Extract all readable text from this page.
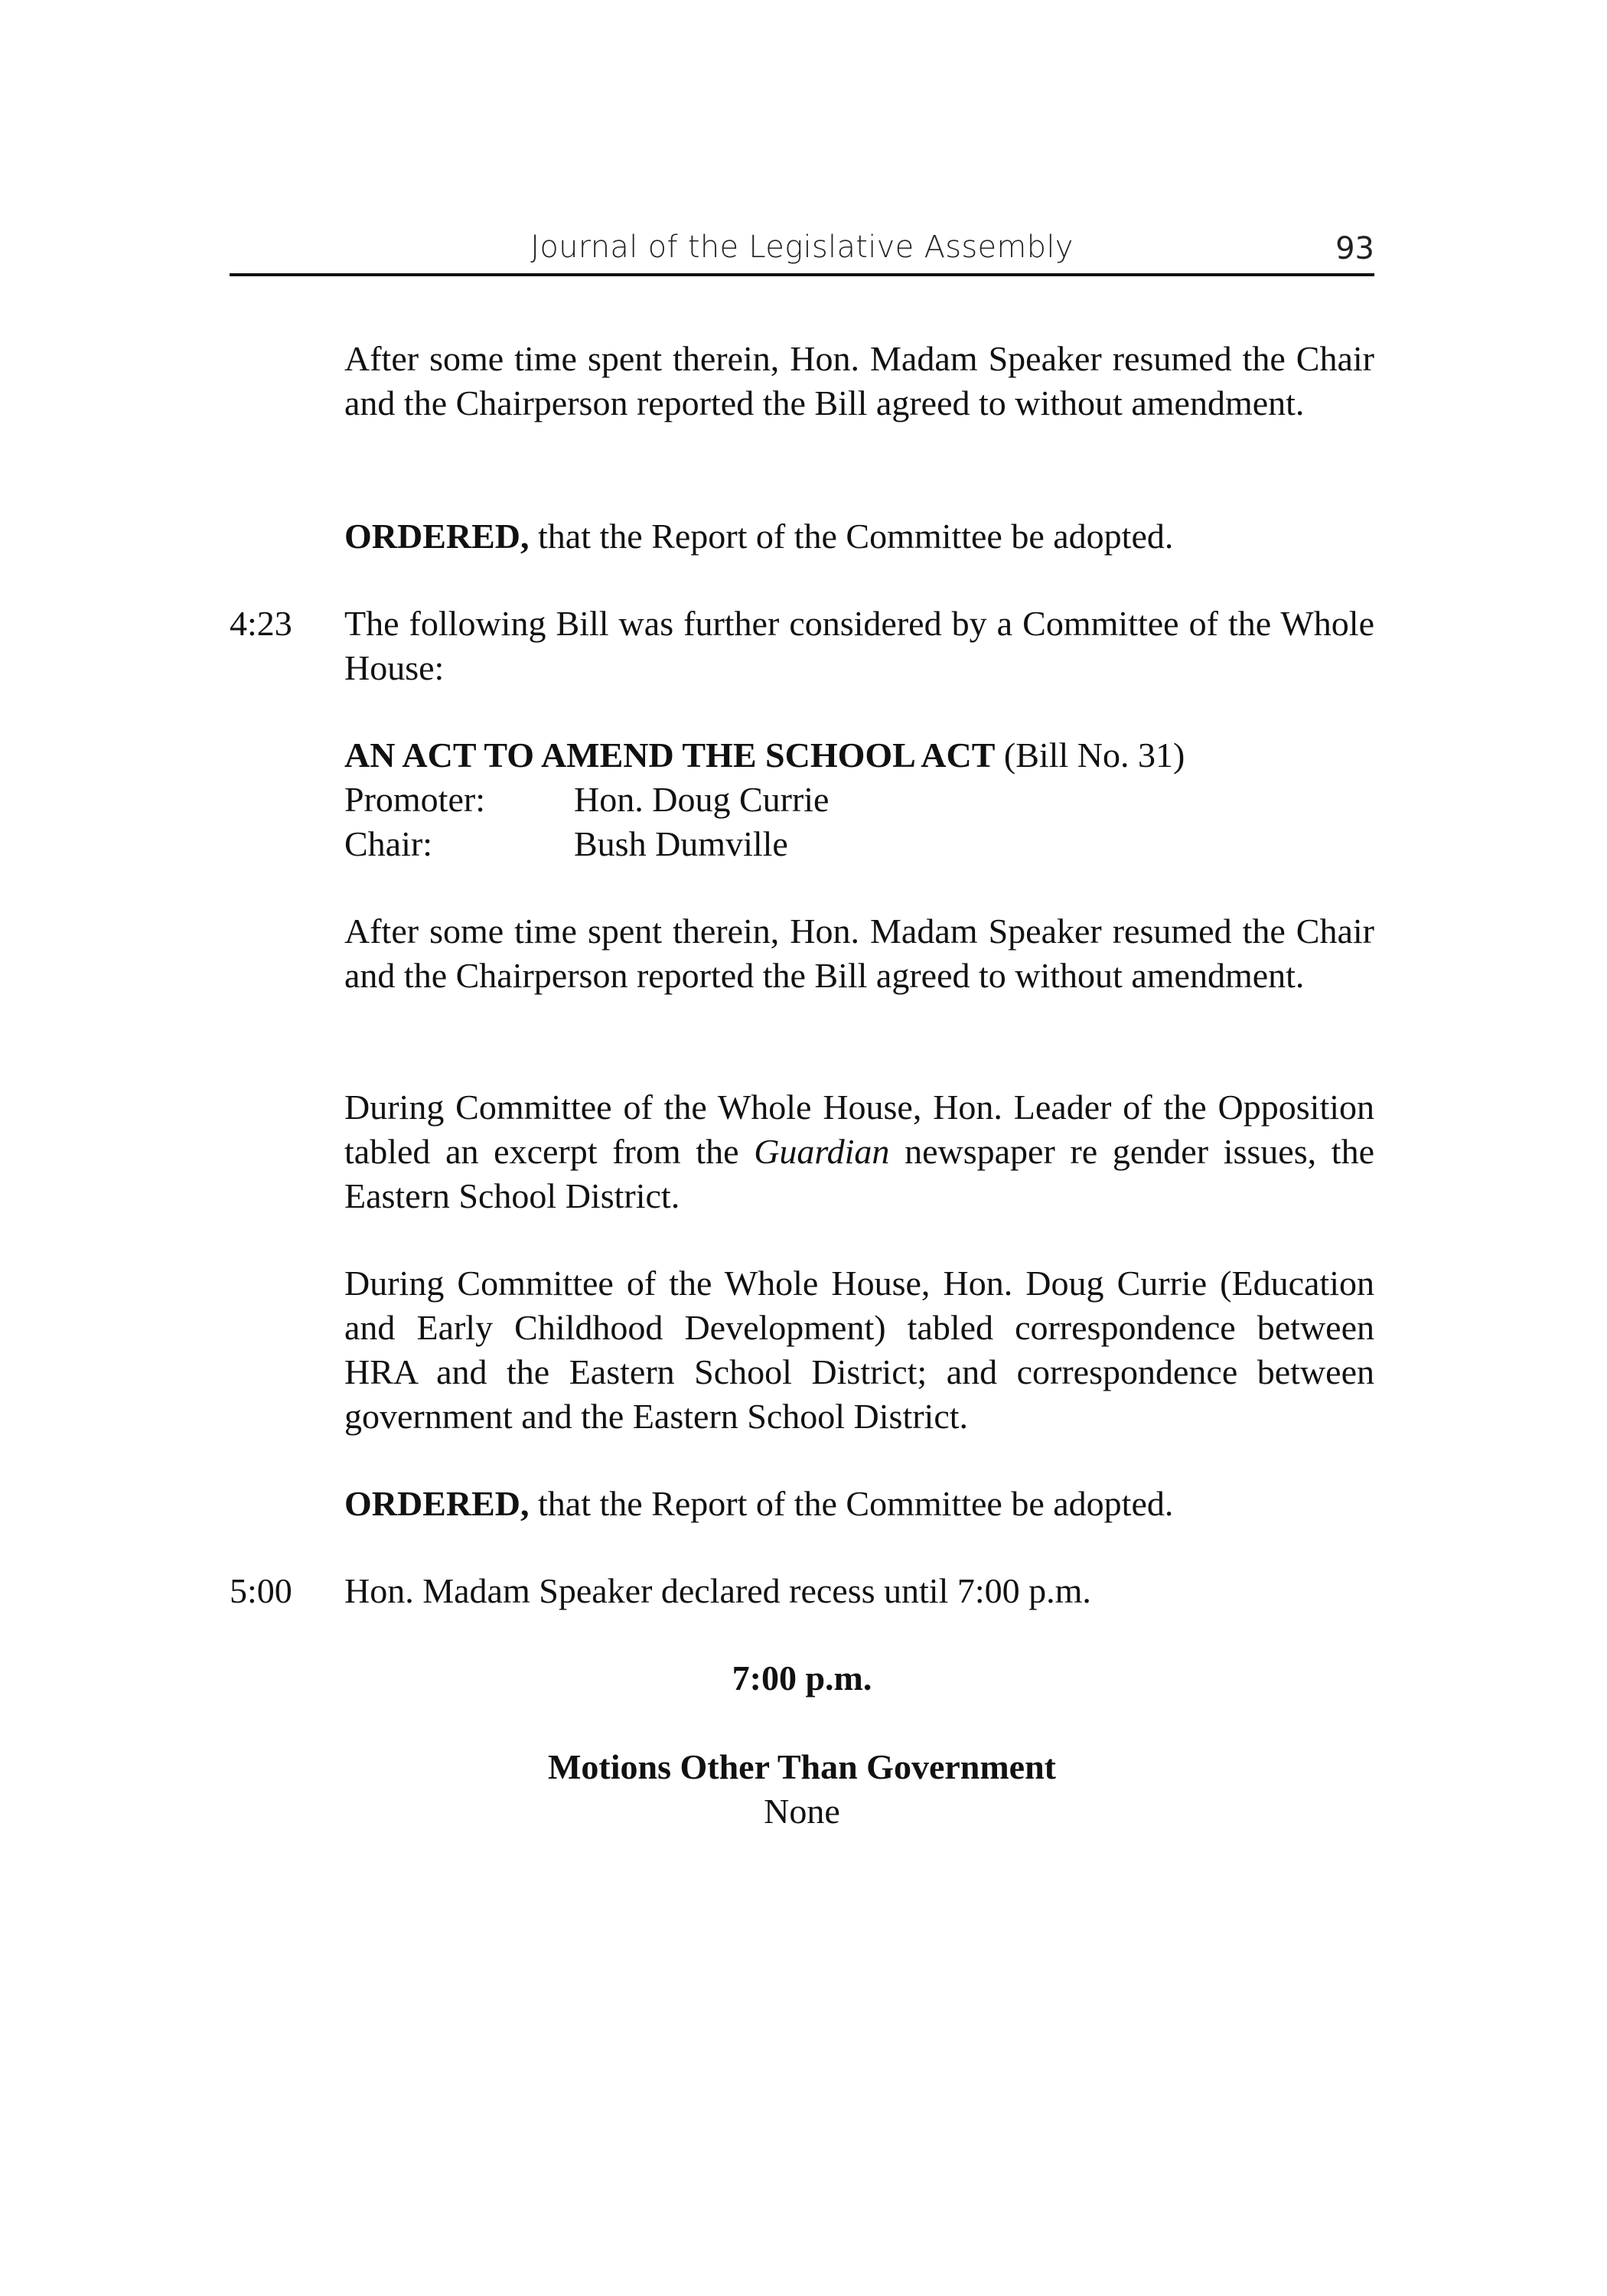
Journal of the Legislative Assembly	93
After some time spent therein, Hon. Madam Speaker resumed the Chair and the Chairperson reported the Bill agreed to without amendment.
ORDERED, that the Report of the Committee be adopted.
4:23 The following Bill was further considered by a Committee of the Whole House:
AN ACT TO AMEND THE SCHOOL ACT (Bill No. 31)
Promoter:	Hon. Doug Currie
Chair:	Bush Dumville
After some time spent therein, Hon. Madam Speaker resumed the Chair and the Chairperson reported the Bill agreed to without amendment.
During Committee of the Whole House, Hon. Leader of the Opposition tabled an excerpt from the Guardian newspaper re gender issues, the Eastern School District.
During Committee of the Whole House, Hon. Doug Currie (Education and Early Childhood Development) tabled correspondence between HRA and the Eastern School District; and correspondence between government and the Eastern School District.
ORDERED, that the Report of the Committee be adopted.
5:00 Hon. Madam Speaker declared recess until 7:00 p.m.
7:00 p.m.
Motions Other Than Government
None
